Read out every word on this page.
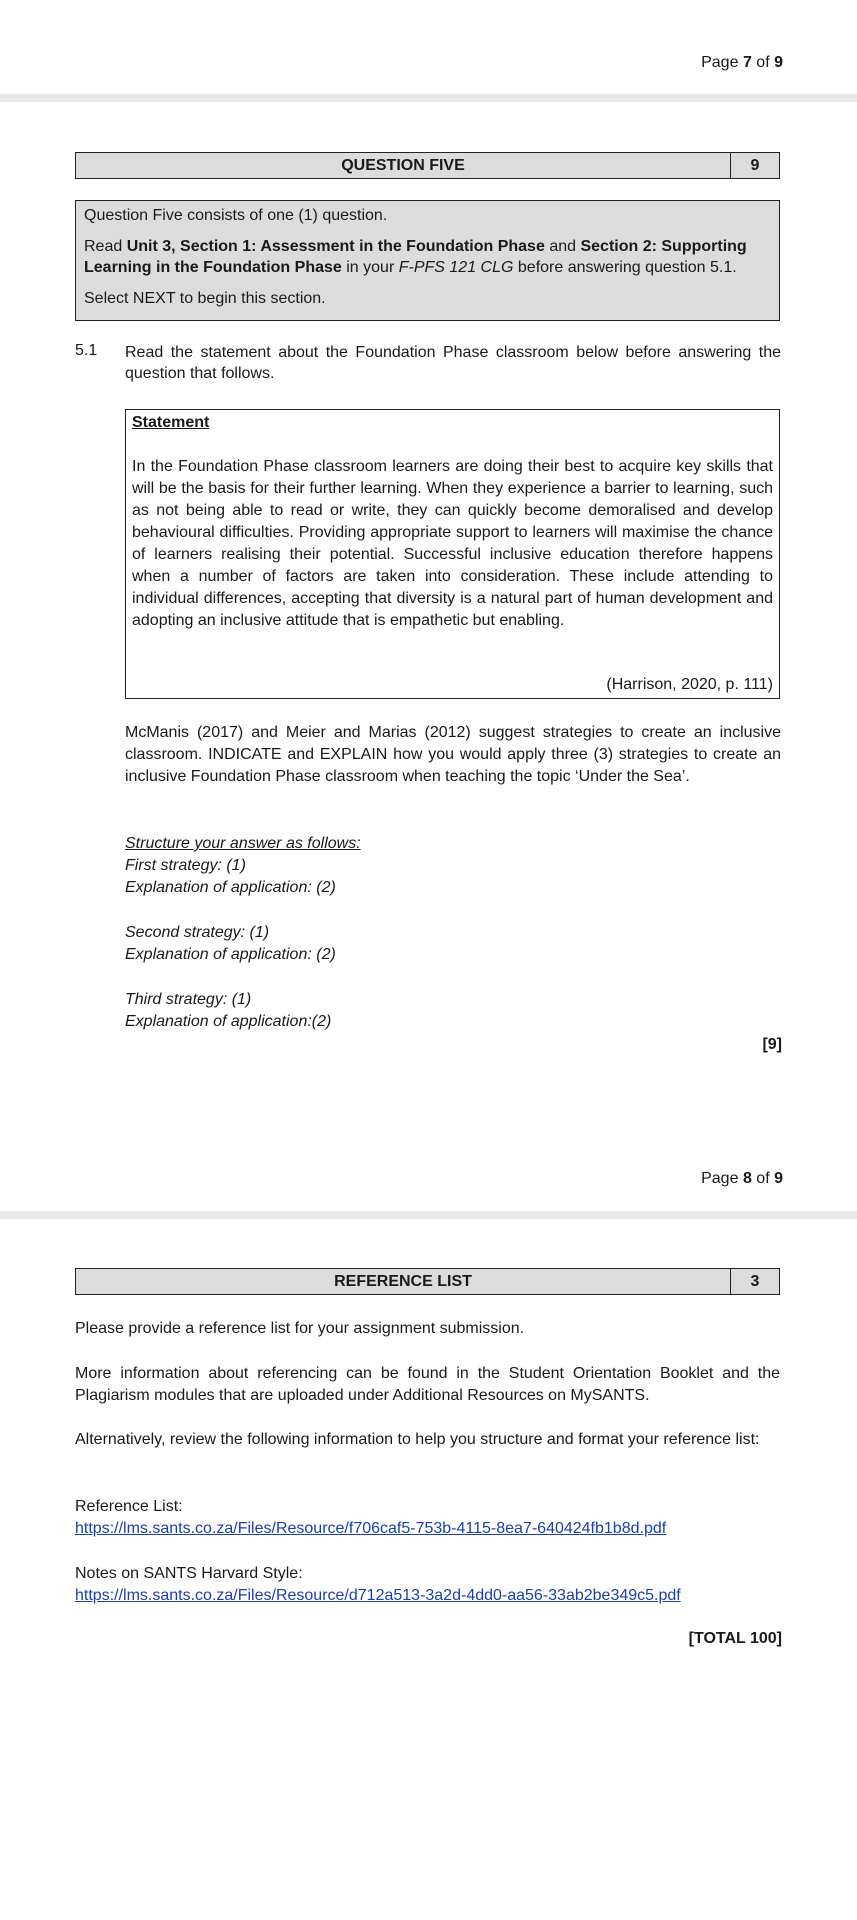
Page 7 of 9
QUESTION FIVE	9

Question Five consists of one (1) question.

Read Unit 3, Section 1: Assessment in the Foundation Phase and Section 2: Supporting Learning in the Foundation Phase in your F-PFS 121 CLG before answering question 5.1.

Select NEXT to begin this section.

5.1 Read the statement about the Foundation Phase classroom below before answering the question that follows.
Statement
In the Foundation Phase classroom learners are doing their best to acquire key skills that will be the basis for their further learning. When they experience a barrier to learning, such as not being able to read or write, they can quickly become demoralised and develop behavioural difficulties. Providing appropriate support to learners will maximise the chance of learners realising their potential. Successful inclusive education therefore happens when a number of factors are taken into consideration. These include attending to individual differences, accepting that diversity is a natural part of human development and adopting an inclusive attitude that is empathetic but enabling.
(Harrison, 2020, p. 111)
McManis (2017) and Meier and Marias (2012) suggest strategies to create an inclusive classroom. INDICATE and EXPLAIN how you would apply three (3) strategies to create an inclusive Foundation Phase classroom when teaching the topic ‘Under the Sea’.
Structure your answer as follows:
First strategy: (1)
Explanation of application: (2)
Second strategy: (1)
Explanation of application: (2)
Third strategy: (1)
Explanation of application:(2)
[9]
Page 8 of 9
REFERENCE LIST	3
Please provide a reference list for your assignment submission.
More information about referencing can be found in the Student Orientation Booklet and the Plagiarism modules that are uploaded under Additional Resources on MySANTS.
Alternatively, review the following information to help you structure and format your reference list:
Reference List:
https://lms.sants.co.za/Files/Resource/f706caf5-753b-4115-8ea7-640424fb1b8d.pdf
Notes on SANTS Harvard Style:
https://lms.sants.co.za/Files/Resource/d712a513-3a2d-4dd0-aa56-33ab2be349c5.pdf
[TOTAL 100]
